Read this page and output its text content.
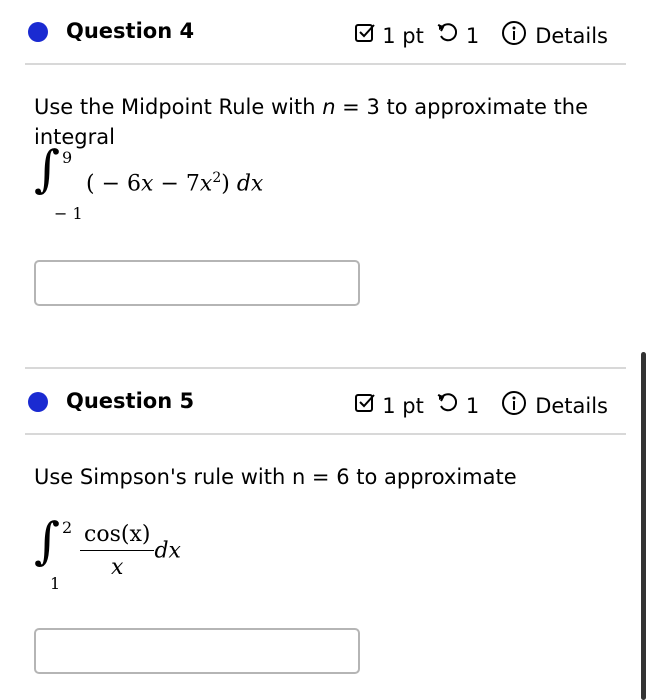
Question 4	1 pt 1	Details
Use the Midpoint Rule with n = 3 to approximate the integral
∫ 9
− 1
( − $6x - 7x^2$) dx
Question 5	1 pt 1	Details
Use Simpson's rule with n = 6 to approximate
∫ 2
1
$\frac{\cos(x)}{x}$ dx
